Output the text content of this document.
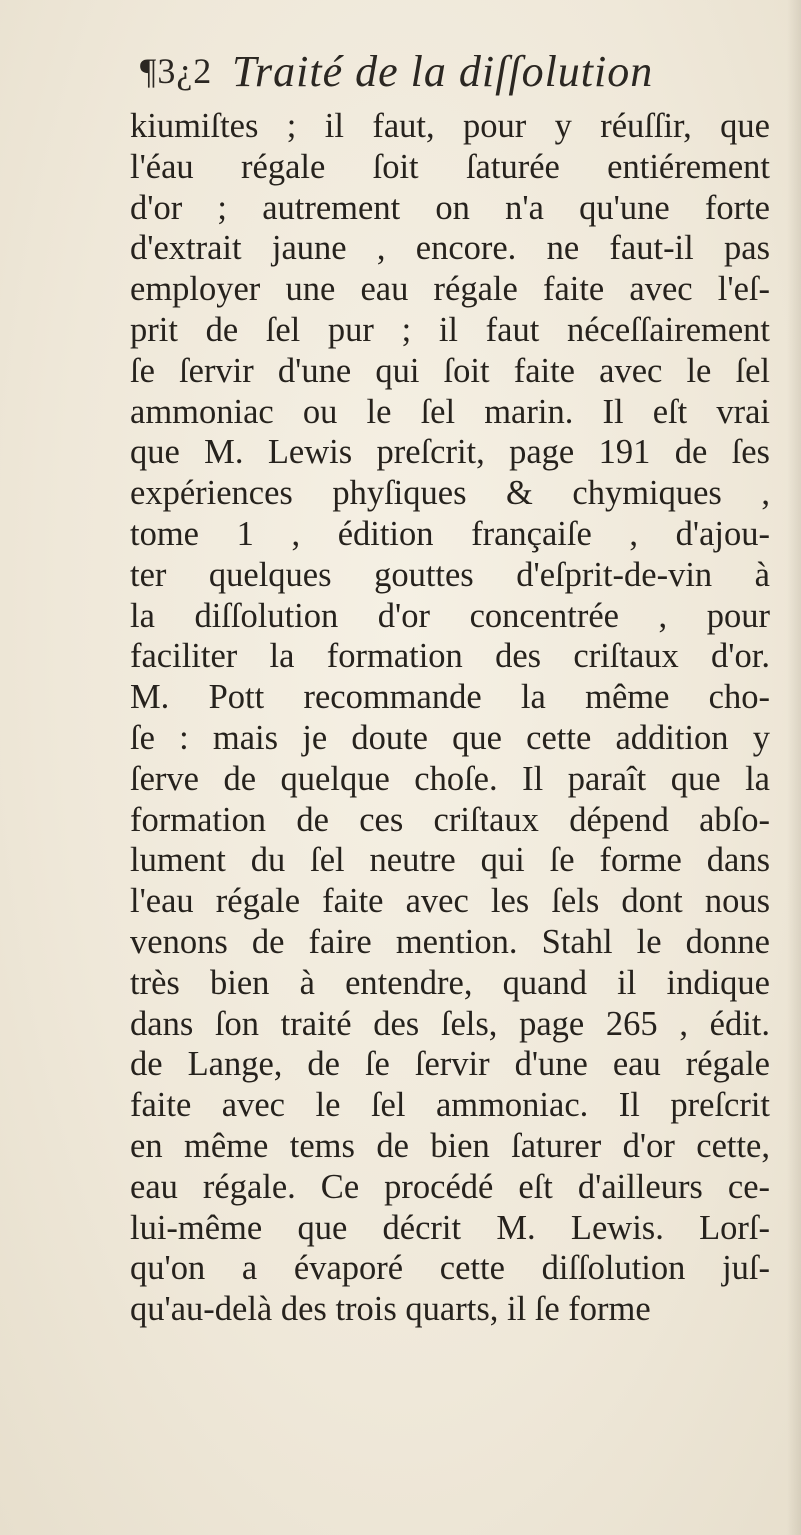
¶3¿2 Traité de la diſſolution
kiumiſtes ; il faut, pour y réuſſir, que
l'éau régale ſoit ſaturée entiérement
d'or ; autrement on n'a qu'une forte
d'extrait jaune , encore. ne faut-il pas
employer une eau régale faite avec l'eſ-
prit de ſel pur ; il faut néceſſairement
ſe ſervir d'une qui ſoit faite avec le ſel
ammoniac ou le ſel marin. Il eſt vrai
que M. Lewis preſcrit, page 191 de ſes
expériences phyſiques & chymiques ,
tome 1 , édition françaiſe , d'ajou-
ter quelques gouttes d'eſprit-de-vin à
la diſſolution d'or concentrée , pour
faciliter la formation des criſtaux d'or.
M. Pott recommande la même cho-
ſe : mais je doute que cette addition y
ſerve de quelque choſe. Il paraît que la
formation de ces criſtaux dépend abſo-
lument du ſel neutre qui ſe forme dans
l'eau régale faite avec les ſels dont nous
venons de faire mention. Stahl le donne
très bien à entendre, quand il indique
dans ſon traité des ſels, page 265 , édit.
de Lange, de ſe ſervir d'une eau régale
faite avec le ſel ammoniac. Il preſcrit
en même tems de bien ſaturer d'or cette,
eau régale. Ce procédé eſt d'ailleurs ce-
lui-même que décrit M. Lewis. Lorſ-
qu'on a évaporé cette diſſolution juſ-
qu'au-delà des trois quarts, il ſe forme
